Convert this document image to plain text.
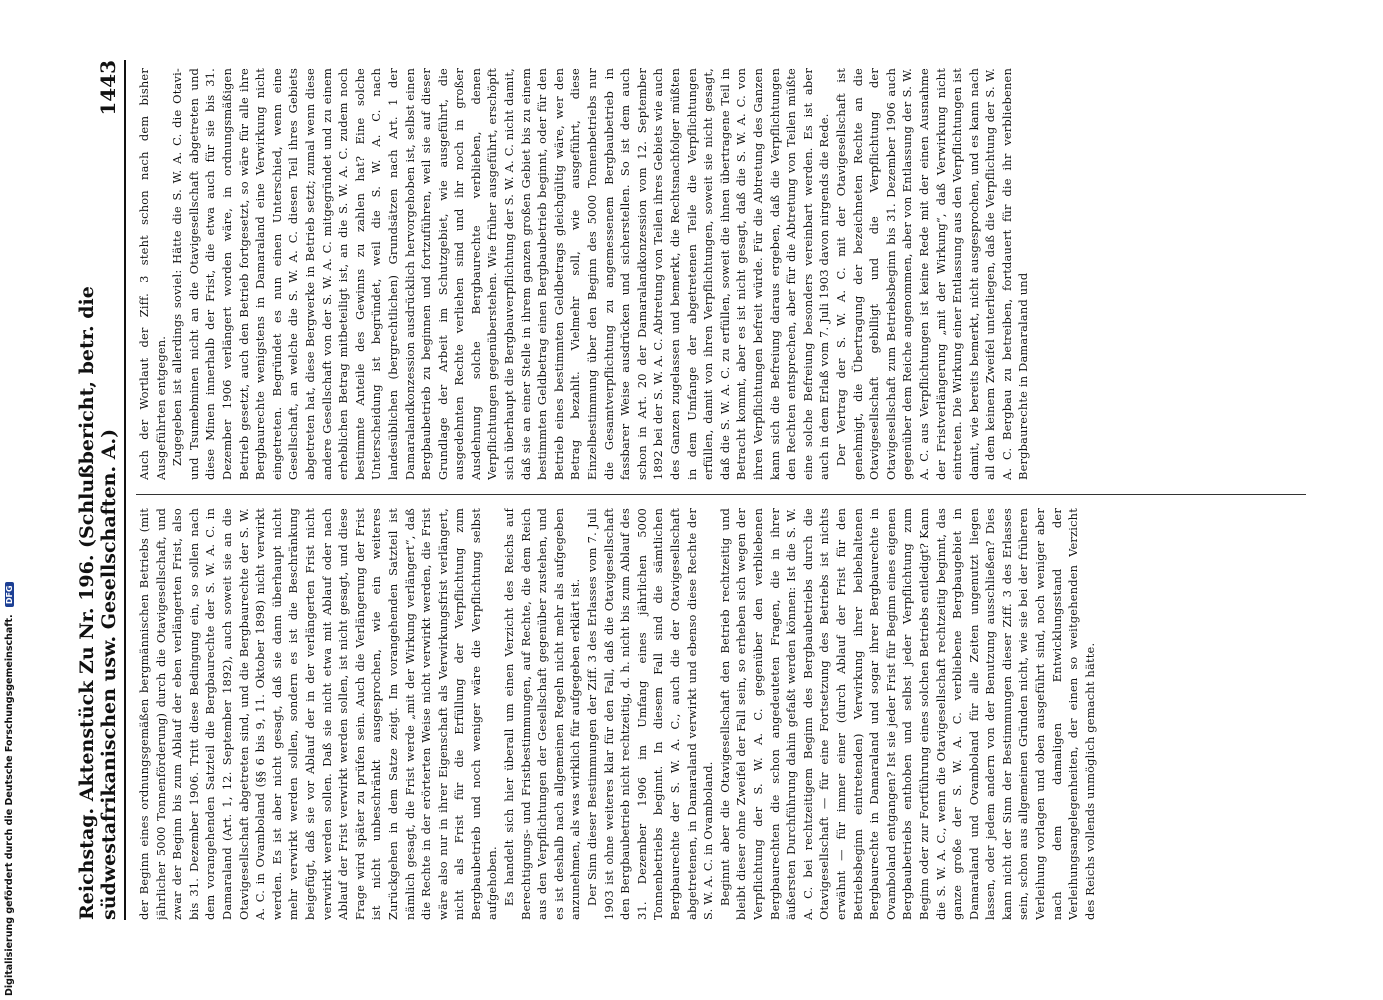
Reichstag. Aktenstück Zu Nr. 196. (Schlußbericht, betr. die südwestafrikanischen usw. Gesellschaften. A.)
1443

der Beginn eines ordnungsgemäßen bergmännischen Betriebs (mit jährlicher 5000 Tonnenförderung) durch die Otavigesellschaft, und zwar der Beginn bis zum Ablauf der eben verlängerten Frist, also bis 31. Dezember 1906. Tritt diese Bedingung ein, so sollen nach dem vorangehenden Satzteil die Bergbaurechte der S. W. A. C. in Damaraland (Art. 1, 12. September 1892), auch soweit sie an die Otavigesellschaft abgetreten sind, und die Bergbaurechte der S. W. A. C. in Ovamboland (§§ 6 bis 9, 11. Oktober 1898) nicht verwirkt werden. Es ist aber nicht gesagt, daß sie dann überhaupt nicht mehr verwirkt werden sollen, sondern es ist die Beschränkung beigefügt, daß sie vor Ablauf der in der verlängerten Frist nicht verwirkt werden sollen. Daß sie nicht etwa mit Ablauf oder nach Ablauf der Frist verwirkt werden sollen, ist nicht gesagt, und diese Frage wird später zu prüfen sein. Auch die Verlängerung der Frist ist nicht unbeschränkt ausgesprochen, wie ein weiteres Zurückgehen in dem Satze zeigt. Im vorangehenden Satzteil ist nämlich gesagt, die Frist werde „mit der Wirkung verlängert“, daß die Rechte in der erörterten Weise nicht verwirkt werden, die Frist wäre also nur in ihrer Eigenschaft als Verwirkungsfrist verlängert, nicht als Frist für die Erfüllung der Verpflichtung zum Bergbaubetrieb und noch weniger wäre die Verpflichtung selbst aufgehoben. Es handelt sich hier überall um einen Verzicht des Reichs auf Berechtigungs- und Fristbestimmungen, auf Rechte, die dem Reich aus den Verpflichtungen der Gesellschaft gegenüber zustehen, und es ist deshalb nach allgemeinen Regeln nicht mehr als aufgegeben anzunehmen, als was wirklich für aufgegeben erklärt ist. Der Sinn dieser Bestimmungen der Ziff. 3 des Erlasses vom 7. Juli 1903 ist ohne weiteres klar für den Fall, daß die Otavigesellschaft den Bergbaubetrieb nicht rechtzeitig, d. h. nicht bis zum Ablauf des 31. Dezember 1906 im Umfang eines jährlichen 5000 Tonnenbetriebs beginnt. In diesem Fall sind die sämtlichen Bergbaurechte der S. W. A. C., auch die der Otavigesellschaft abgetretenen, in Damaraland verwirkt und ebenso diese Rechte der S. W. A. C. in Ovamboland. Beginnt aber die Otavigesellschaft den Betrieb rechtzeitig und bleibt dieser ohne Zweifel der Fall sein, so erheben sich wegen der Verpflichtung der S. W. A. C. gegenüber den verbliebenen Bergbaurechten die schon angedeuteten Fragen, die in ihrer äußersten Durchführung dahin gefaßt werden können: Ist die S. W. A. C. bei rechtzeitigem Beginn des Bergbaubetriebs durch die Otavigesellschaft — für eine Fortsetzung des Betriebs ist nichts erwähnt — für immer einer (durch Ablauf der Frist für den Betriebsbeginn eintretenden) Verwirkung ihrer beibehaltenen Bergbaurechte in Damaraland und sogar ihrer Bergbaurechte in Ovamboland entgangen? Ist sie jeder Frist für Beginn eines eigenen Bergbaubetriebs enthoben und selbst jeder Verpflichtung zum Beginn oder zur Fortführung eines solchen Betriebs entledigt? Kann die S. W. A. C., wenn die Otavigesellschaft rechtzeitig beginnt, das ganze große der S. W. A. C. verbliebene Bergbaugebiet in Damaraland und Ovamboland für alle Zeiten ungenutzt liegen lassen, oder jedem andern von der Benutzung ausschließen? Dies kann nicht der Sinn der Bestimmungen dieser Ziff. 3 des Erlasses sein, schon aus allgemeinen Gründen nicht, wie sie bei der früheren Verleihung vorlagen und oben ausgeführt sind, noch weniger aber nach dem damaligen Entwicklungsstand der Verleihungsangelegenheiten, der einen so weitgehenden Verzicht des Reichs vollends unmöglich gemacht hätte.

Auch der Wortlaut der Ziff. 3 steht schon nach dem bisher Ausgeführten entgegen. Zugegeben ist allerdings soviel: Hätte die S. W. A. C. die Otavi- und Tsumebminen nicht an die Otavigesellschaft abgetreten und diese Minen innerhalb der Frist, die etwa auch für sie bis 31. Dezember 1906 verlängert worden wäre, in ordnungsmäßigen Betrieb gesetzt, auch den Betrieb fortgesetzt, so wäre für alle ihre Bergbaurechte wenigstens in Damaraland eine Verwirkung nicht eingetreten. Begründet es nun einen Unterschied, wenn eine Gesellschaft, an welche die S. W. A. C. diesen Teil ihres Gebiets abgetreten hat, diese Bergwerke in Betrieb setzt; zumal wenn diese andere Gesellschaft von der S. W. A. C. mitgegründet und zu einem erheblichen Betrag mitbeteiligt ist, an die S. W. A. C. zudem noch bestimmte Anteile des Gewinns zu zahlen hat? Eine solche Unterscheidung ist begründet, weil die S. W. A. C. nach landesüblichen (bergrechtlichen) Grundsätzen nach Art. 1 der Damaralandkonzession ausdrücklich hervorgehoben ist, selbst einen Bergbaubetrieb zu beginnen und fortzuführen, weil sie auf dieser Grundlage der Arbeit im Schutzgebiet, wie ausgeführt, die ausgedehnten Rechte verliehen sind und ihr noch in großer Ausdehnung solche Bergbaurechte verblieben, denen Verpflichtungen gegenüberstehen. Wie früher ausgeführt, erschöpft sich überhaupt die Bergbauverpflichtung der S. W. A. C. nicht damit, daß sie an einer Stelle in ihrem ganzen großen Gebiet bis zu einem bestimmten Geldbetrag einen Bergbaubetrieb beginnt, oder für den Betrieb eines bestimmten Geldbetrags gleichgültig wäre, wer den Betrag bezahlt. Vielmehr soll, wie ausgeführt, diese Einzelbestimmung über den Beginn des 5000 Tonnenbetriebs nur die Gesamtverpflichtung zu angemessenem Bergbaubetrieb in fassbarer Weise ausdrücken und sicherstellen. So ist dem auch schon in Art. 20 der Damaralandkonzession vom 12. September 1892 bei der S. W. A. C. Abtretung von Teilen ihres Gebiets wie auch des Ganzen zugelassen und bemerkt, die Rechtsnachfolger müßten in dem Umfange der abgetretenen Teile die Verpflichtungen erfüllen, damit von ihren Verpflichtungen, soweit sie nicht gesagt, daß die S. W. A. C. zu erfüllen, soweit die ihnen übertragene Teil in Betracht kommt, aber es ist nicht gesagt, daß die S. W. A. C. von ihren Verpflichtungen befreit würde. Für die Abtretung des Ganzen kann sich die Befreiung daraus ergeben, daß die Verpflichtungen den Rechten entsprechen, aber für die Abtretung von Teilen müßte eine solche Befreiung besonders vereinbart werden. Es ist aber auch in dem Erlaß vom 7. Juli 1903 davon nirgends die Rede. Der Vertrag der S. W. A. C. mit der Otavigesellschaft ist genehmigt, die Übertragung der bezeichneten Rechte an die Otavigesellschaft gebilligt und die Verpflichtung der Otavigesellschaft zum Betriebsbeginn bis 31. Dezember 1906 auch gegenüber dem Reiche angenommen, aber von Entlassung der S. W. A. C. aus Verpflichtungen ist keine Rede mit der einen Ausnahme der Fristverlängerung „mit der Wirkung“, daß Verwirkung nicht eintreten. Die Wirkung einer Entlassung aus den Verpflichtungen ist damit, wie bereits bemerkt, nicht ausgesprochen, und es kann nach all dem keinem Zweifel unterliegen, daß die Verpflichtung der S. W. A. C. Bergbau zu betreiben, fortdauert für die ihr verbliebenen Bergbaurechte in Damaraland und

Digitalisierung gefördert durch die Deutsche Forschungsgemeinschaft. DFG
